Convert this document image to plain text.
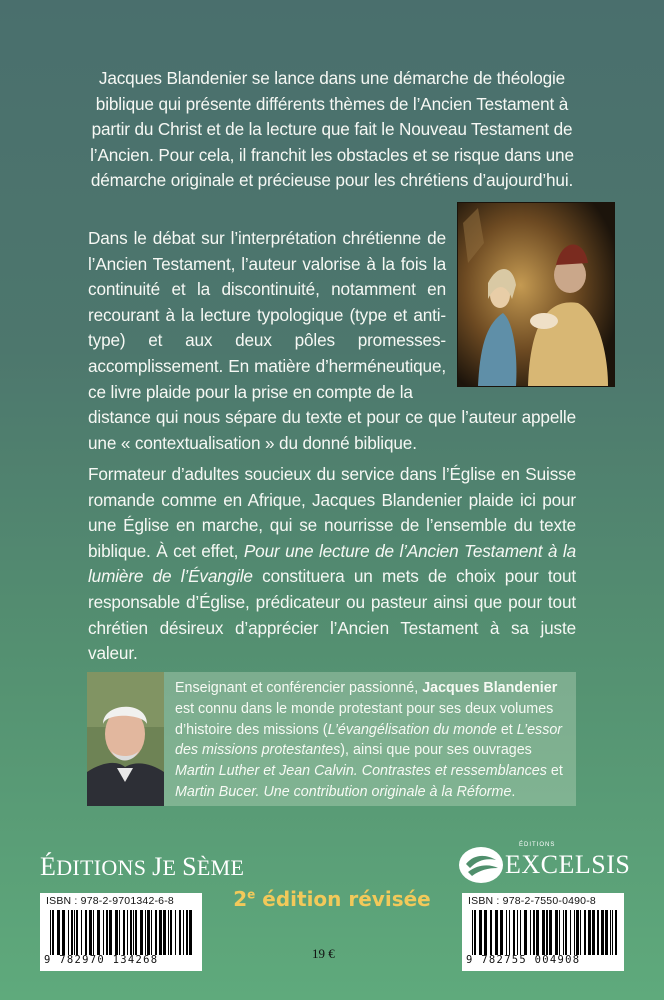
Jacques Blandenier se lance dans une démarche de théologie biblique qui présente différents thèmes de l’Ancien Testament à partir du Christ et de la lecture que fait le Nouveau Testament de l’Ancien. Pour cela, il franchit les obstacles et se risque dans une démarche originale et précieuse pour les chrétiens d’aujourd’hui.

Dans le débat sur l’interprétation chrétienne de l’Ancien Testament, l’auteur valorise à la fois la continuité et la discontinuité, notamment en recourant à la lecture typologique (type et anti-type) et aux deux pôles promesses-accomplissement. En matière d’herméneutique, ce livre plaide pour la prise en compte de la
distance qui nous sépare du texte et pour ce que l’auteur appelle une « contextualisation » du donné biblique.

Formateur d’adultes soucieux du service dans l’Église en Suisse romande comme en Afrique, Jacques Blandenier plaide ici pour une Église en marche, qui se nourrisse de l’ensemble du texte biblique. À cet effet, Pour une lecture de l’Ancien Testament à la lumière de l’Évangile constituera un mets de choix pour tout responsable d’Église, prédicateur ou pasteur ainsi que pour tout chrétien désireux d’apprécier l’Ancien Testament à sa juste valeur.

Enseignant et conférencier passionné, Jacques Blandenier est connu dans le monde protestant pour ses deux volumes d’histoire des missions (L’évangélisation du monde et L’essor des missions protestantes), ainsi que pour ses ouvrages Martin Luther et Jean Calvin. Contrastes et ressemblances et Martin Bucer. Une contribution originale à la Réforme.

ÉDITIONS JE SÈME

2e édition révisée

ISBN : 978-2-9701342-6-8
9 782970 134268
ISBN : 978-2-7550-0490-8
9 782755 004908

19 €

ÉDITIONS

EXCELSIS
